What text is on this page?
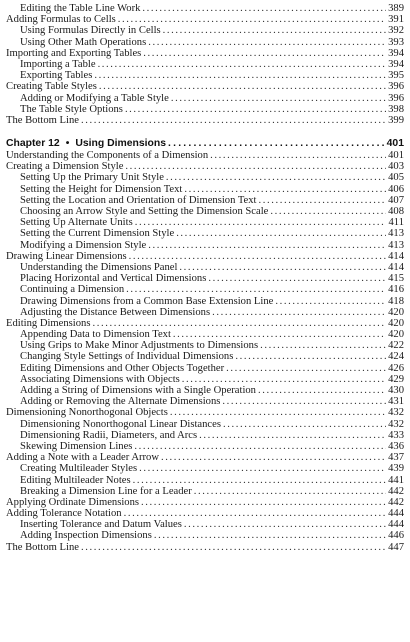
Editing the Table Line Work .....	389
Adding Formulas to Cells .....	391
Using Formulas Directly in Cells .....	392
Using Other Math Operations .....	393
Importing and Exporting Tables .....	394
Importing a Table .....	394
Exporting Tables .....	395
Creating Table Styles .....	396
Adding or Modifying a Table Style .....	396
The Table Style Options .....	398
The Bottom Line .....	399
Chapter 12 • Using Dimensions .....	401
Understanding the Components of a Dimension .....	401
Creating a Dimension Style .....	403
Setting Up the Primary Unit Style .....	405
Setting the Height for Dimension Text .....	406
Setting the Location and Orientation of Dimension Text .....	407
Choosing an Arrow Style and Setting the Dimension Scale .....	408
Setting Up Alternate Units .....	411
Setting the Current Dimension Style .....	413
Modifying a Dimension Style .....	413
Drawing Linear Dimensions .....	414
Understanding the Dimensions Panel .....	414
Placing Horizontal and Vertical Dimensions .....	415
Continuing a Dimension .....	416
Drawing Dimensions from a Common Base Extension Line .....	418
Adjusting the Distance Between Dimensions .....	420
Editing Dimensions .....	420
Appending Data to Dimension Text .....	420
Using Grips to Make Minor Adjustments to Dimensions .....	422
Changing Style Settings of Individual Dimensions .....	424
Editing Dimensions and Other Objects Together .....	426
Associating Dimensions with Objects .....	429
Adding a String of Dimensions with a Single Operation .....	430
Adding or Removing the Alternate Dimensions .....	431
Dimensioning Nonorthogonal Objects .....	432
Dimensioning Nonorthogonal Linear Distances .....	432
Dimensioning Radii, Diameters, and Arcs .....	433
Skewing Dimension Lines .....	436
Adding a Note with a Leader Arrow .....	437
Creating Multileader Styles .....	439
Editing Multileader Notes .....	441
Breaking a Dimension Line for a Leader .....	442
Applying Ordinate Dimensions .....	442
Adding Tolerance Notation .....	444
Inserting Tolerance and Datum Values .....	444
Adding Inspection Dimensions .....	446
The Bottom Line .....	447
